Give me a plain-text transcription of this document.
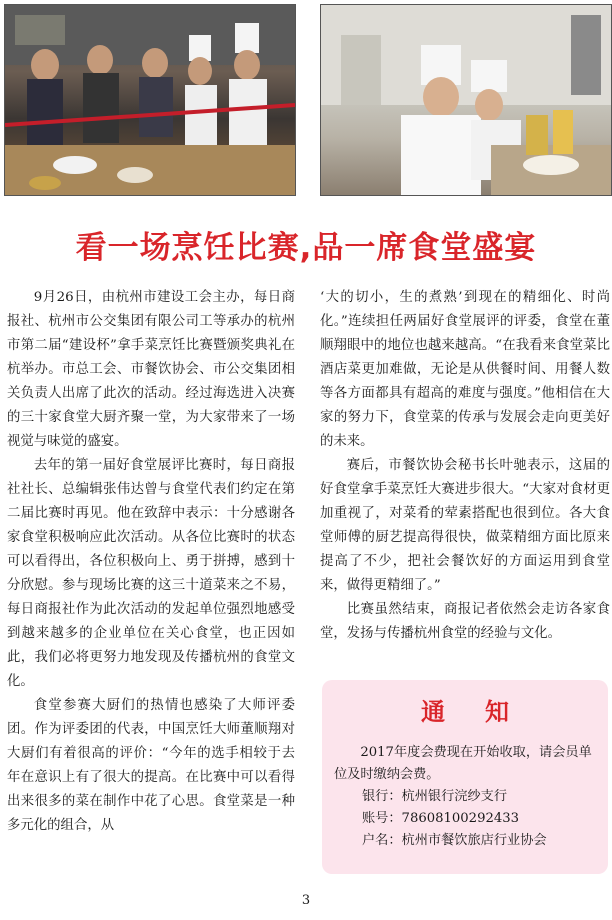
看一场烹饪比赛,品一席食堂盛宴

9月26日，由杭州市建设工会主办，每日商报社、杭州市公交集团有限公司工等承办的杭州市第二届“建设杯”拿手菜烹饪比赛暨颁奖典礼在杭举办。市总工会、市餐饮协会、市公交集团相关负责人出席了此次的活动。经过海选进入决赛的三十家食堂大厨齐聚一堂，为大家带来了一场视觉与味觉的盛宴。

去年的第一届好食堂展评比赛时，每日商报社社长、总编辑张伟达曾与食堂代表们约定在第二届比赛时再见。他在致辞中表示：十分感谢各家食堂积极响应此次活动。从各位比赛时的状态可以看得出，各位积极向上、勇于拼搏，感到十分欣慰。参与现场比赛的这三十道菜来之不易，每日商报社作为此次活动的发起单位强烈地感受到越来越多的企业单位在关心食堂，也正因如此，我们必将更努力地发现及传播杭州的食堂文化。

食堂参赛大厨们的热情也感染了大师评委团。作为评委团的代表，中国烹饪大师董顺翔对大厨们有着很高的评价：“今年的选手相较于去年在意识上有了很大的提高。在比赛中可以看得出来很多的菜在制作中花了心思。食堂菜是一种多元化的组合，从

‘大的切小，生的煮熟’到现在的精细化、时尚化。”连续担任两届好食堂展评的评委，食堂在董顺翔眼中的地位也越来越高。“在我看来食堂菜比酒店菜更加难做，无论是从供餐时间、用餐人数等各方面都具有超高的难度与强度。”他相信在大家的努力下，食堂菜的传承与发展会走向更美好的未来。

赛后，市餐饮协会秘书长叶驰表示，这届的好食堂拿手菜烹饪大赛进步很大。“大家对食材更加重视了，对菜肴的荤素搭配也很到位。各大食堂师傅的厨艺提高得很快，做菜精细方面比原来提高了不少，把社会餐饮好的方面运用到食堂来，做得更精细了。”

比赛虽然结束，商报记者依然会走访各家食堂，发扬与传播杭州食堂的经验与文化。

通知

2017年度会费现在开始收取，请会员单位及时缴纳会费。

银行：杭州银行浣纱支行

账号：78608100292433

户名：杭州市餐饮旅店行业协会

3
